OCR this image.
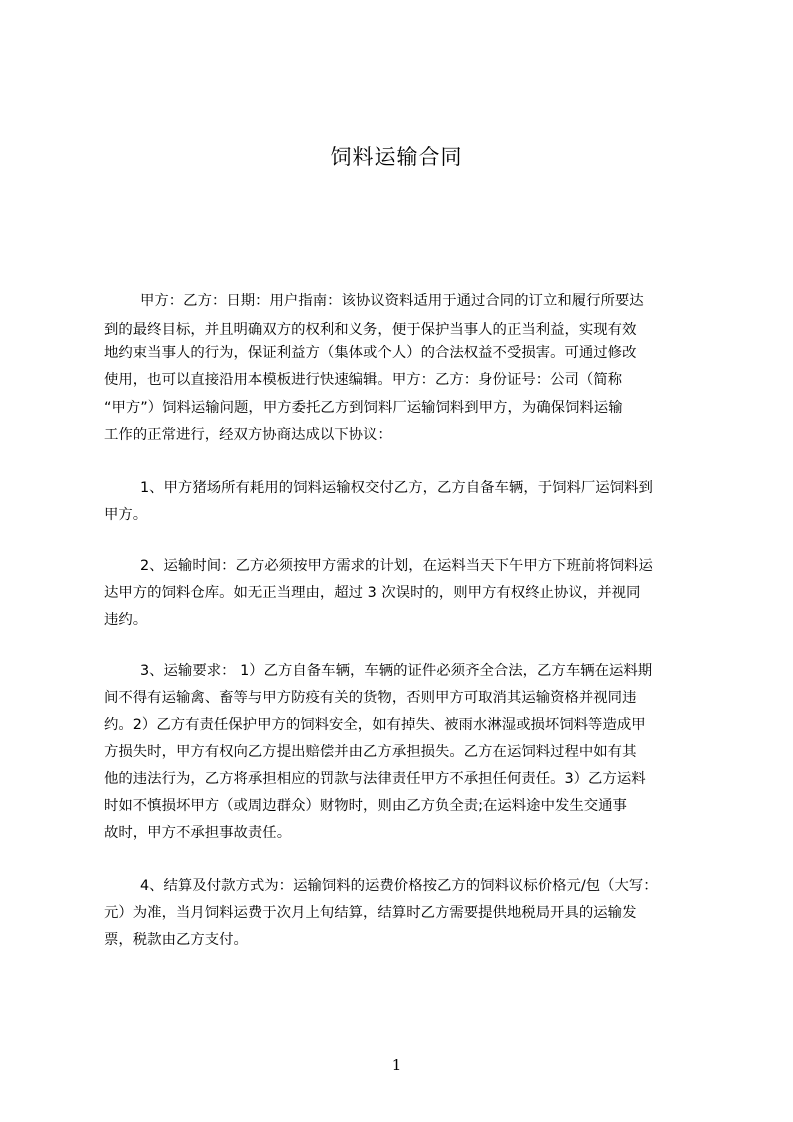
饲料运输合同
甲方：乙方：日期：用户指南：该协议资料适用于通过合同的订立和履行所要达
到的最终目标，并且明确双方的权利和义务，便于保护当事人的正当利益，实现有效
地约束当事人的行为，保证利益方（集体或个人）的合法权益不受损害。可通过修改
使用，也可以直接沿用本模板进行快速编辑。甲方：乙方：身份证号：公司（简称
“甲方”）饲料运输问题，甲方委托乙方到饲料厂运输饲料到甲方，为确保饲料运输
工作的正常进行，经双方协商达成以下协议：
1、甲方猪场所有耗用的饲料运输权交付乙方，乙方自备车辆，于饲料厂运饲料到
甲方。
2、运输时间：乙方必须按甲方需求的计划，在运料当天下午甲方下班前将饲料运
达甲方的饲料仓库。如无正当理由，超过 3 次误时的，则甲方有权终止协议，并视同
违约。
3、运输要求： 1）乙方自备车辆，车辆的证件必须齐全合法，乙方车辆在运料期
间不得有运输禽、畜等与甲方防疫有关的货物，否则甲方可取消其运输资格并视同违
约。2）乙方有责任保护甲方的饲料安全，如有掉失、被雨水淋湿或损坏饲料等造成甲
方损失时，甲方有权向乙方提出赔偿并由乙方承担损失。乙方在运饲料过程中如有其
他的违法行为，乙方将承担相应的罚款与法律责任甲方不承担任何责任。3）乙方运料
时如不慎损坏甲方（或周边群众）财物时，则由乙方负全责;在运料途中发生交通事
故时，甲方不承担事故责任。
4、结算及付款方式为：运输饲料的运费价格按乙方的饲料议标价格元/包（大写：
元）为准，当月饲料运费于次月上旬结算，结算时乙方需要提供地税局开具的运输发
票，税款由乙方支付。
1
